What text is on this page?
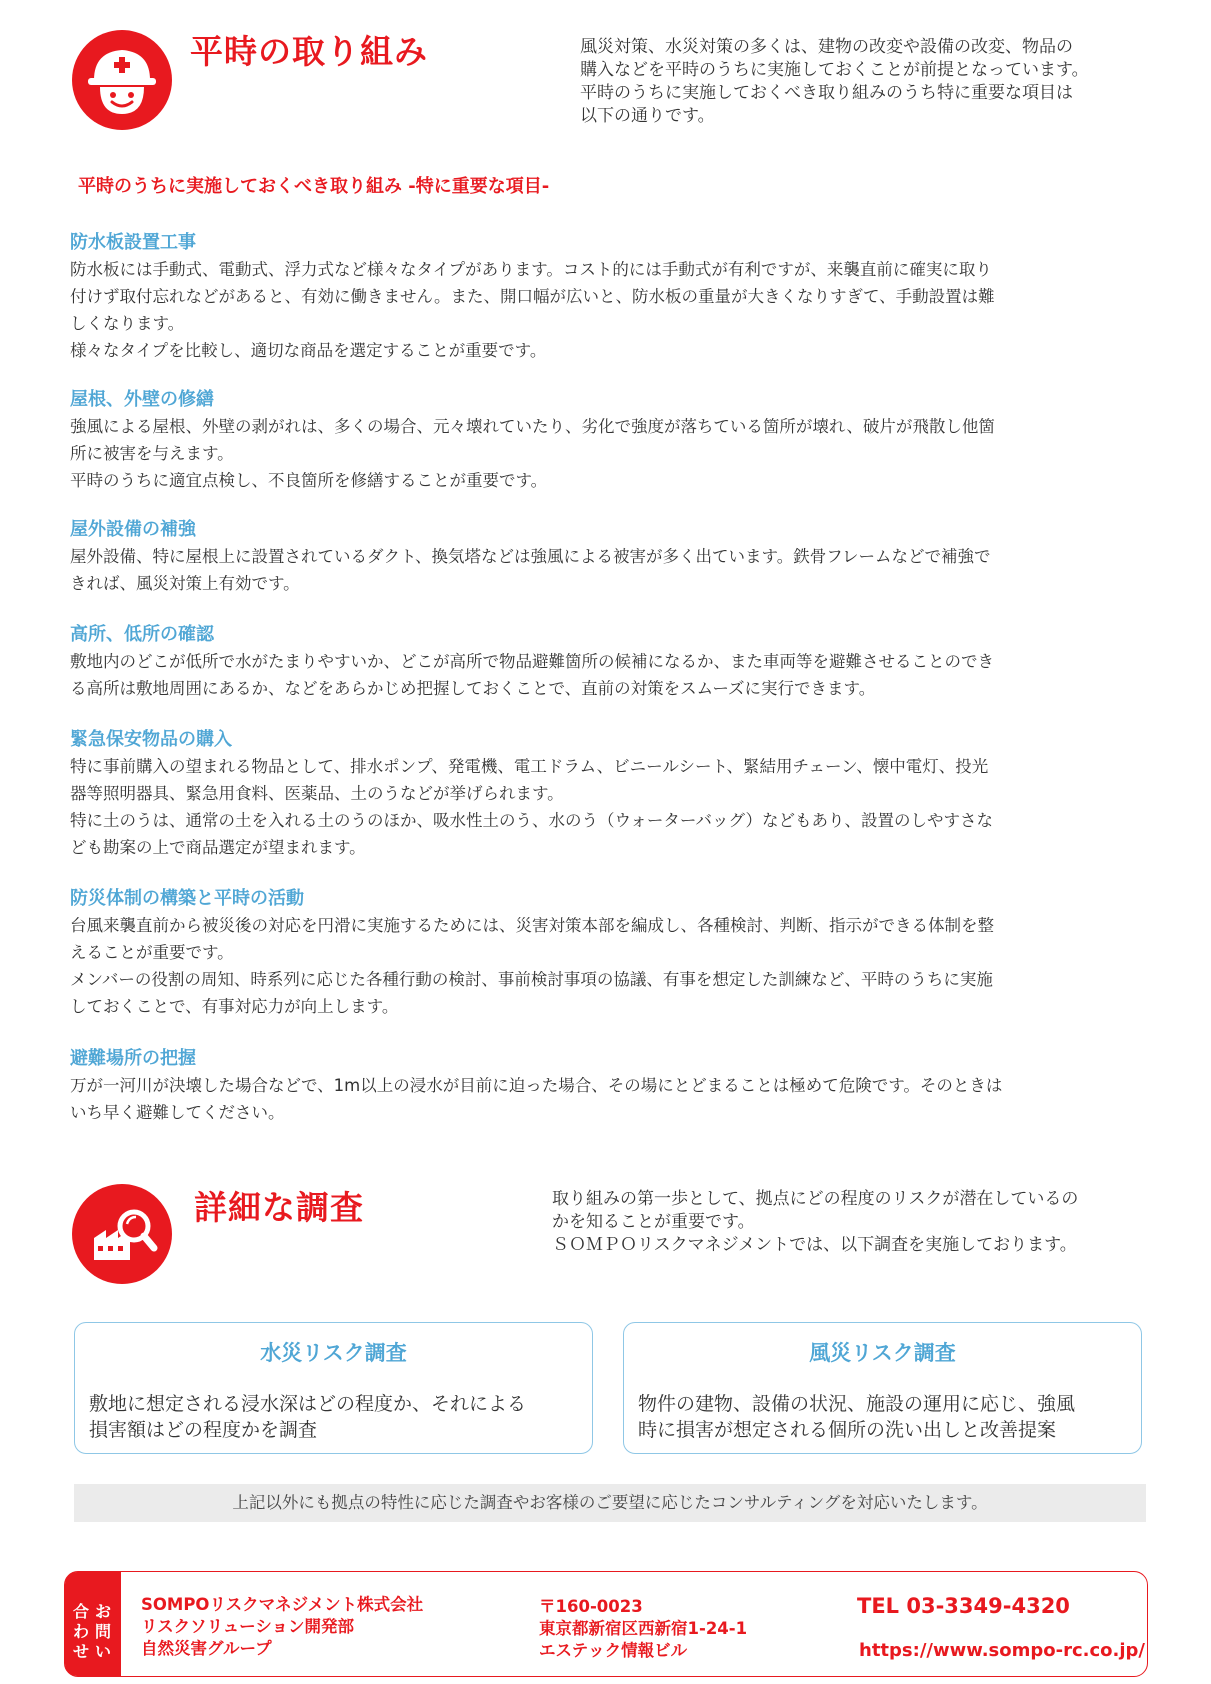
平時の取り組み	風災対策、水災対策の多くは、建物の改変や設備の改変、物品の
購入などを平時のうちに実施しておくことが前提となっています。
平時のうちに実施しておくべき取り組みのうち特に重要な項目は
以下の通りです。
平時のうちに実施しておくべき取り組み -特に重要な項目-
防水板設置工事

防水板には手動式、電動式、浮力式など様々なタイプがあります。コスト的には手動式が有利ですが、来襲直前に確実に取り

付けず取付忘れなどがあると、有効に働きません。また、開口幅が広いと、防水板の重量が大きくなりすぎて、手動設置は難

しくなります。

様々なタイプを比較し、適切な商品を選定することが重要です。

屋根、外壁の修繕

強風による屋根、外壁の剥がれは、多くの場合、元々壊れていたり、劣化で強度が落ちている箇所が壊れ、破片が飛散し他箇

所に被害を与えます。

平時のうちに適宜点検し、不良箇所を修繕することが重要です。

屋外設備の補強

屋外設備、特に屋根上に設置されているダクト、換気塔などは強風による被害が多く出ています。鉄骨フレームなどで補強で

きれば、風災対策上有効です。

高所、低所の確認

敷地内のどこが低所で水がたまりやすいか、どこが高所で物品避難箇所の候補になるか、また車両等を避難させることのでき

る高所は敷地周囲にあるか、などをあらかじめ把握しておくことで、直前の対策をスムーズに実行できます。

緊急保安物品の購入

特に事前購入の望まれる物品として、排水ポンプ、発電機、電工ドラム、ビニールシート、緊結用チェーン、懐中電灯、投光

器等照明器具、緊急用食料、医薬品、土のうなどが挙げられます。

特に土のうは、通常の土を入れる土のうのほか、吸水性土のう、水のう（ウォーターバッグ）などもあり、設置のしやすさな

ども勘案の上で商品選定が望まれます。

防災体制の構築と平時の活動

台風来襲直前から被災後の対応を円滑に実施するためには、災害対策本部を編成し、各種検討、判断、指示ができる体制を整

えることが重要です。

メンバーの役割の周知、時系列に応じた各種行動の検討、事前検討事項の協議、有事を想定した訓練など、平時のうちに実施

しておくことで、有事対応力が向上します。

避難場所の把握

万が一河川が決壊した場合などで、1m以上の浸水が目前に迫った場合、その場にとどまることは極めて危険です。そのときは

いち早く避難してください。

詳細な調査	取り組みの第一歩として、拠点にどの程度のリスクが潜在しているの
かを知ることが重要です。
ＳＯＭＰＯリスクマネジメントでは、以下調査を実施しております。
水災リスク調査
敷地に想定される浸水深はどの程度か、それによる
損害額はどの程度かを調査
風災リスク調査
物件の建物、設備の状況、施設の運用に応じ、強風
時に損害が想定される個所の洗い出しと改善提案
上記以外にも拠点の特性に応じた調査やお客様のご要望に応じたコンサルティングを対応いたします。
合わせ
お問い
SOMPOリスクマネジメント株式会社
リスクソリューション開発部
自然災害グループ
〒160-0023
東京都新宿区西新宿1-24-1
エステック情報ビル
TEL 03-3349-4320
https://www.sompo-rc.co.jp/
